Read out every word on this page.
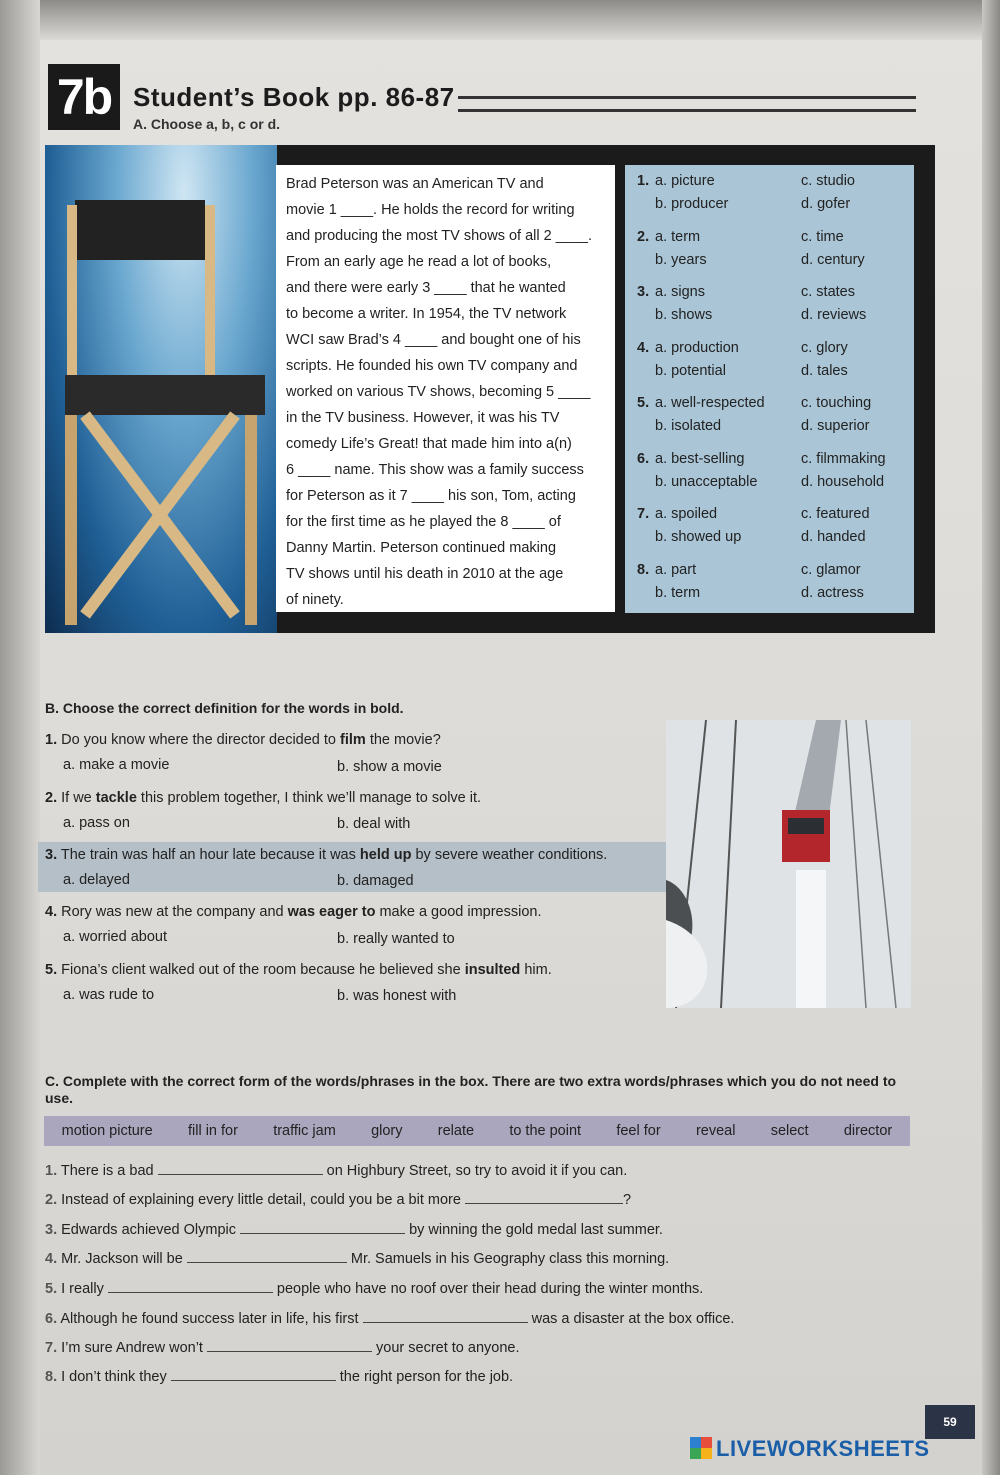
7b Student’s Book pp. 86-87
A. Choose a, b, c or d.

Brad Peterson was an American TV and

movie 1 ____. He holds the record for writing

and producing the most TV shows of all 2 ____.

From an early age he read a lot of books,

and there were early 3 ____ that he wanted

to become a writer. In 1954, the TV network

WCI saw Brad’s 4 ____ and bought one of his

scripts. He founded his own TV company and

worked on various TV shows, becoming 5 ____

in the TV business. However, it was his TV

comedy Life’s Great! that made him into a(n)

6 ____ name. This show was a family success

for Peterson as it 7 ____ his son, Tom, acting

for the first time as he played the 8 ____ of

Danny Martin. Peterson continued making

TV shows until his death in 2010 at the age

of ninety.

1. a. picture	c. studio
b. producer	d. gofer
2. a. term	c. time
b. years	d. century
3. a. signs	c. states
b. shows	d. reviews
4. a. production	c. glory
b. potential	d. tales
5. a. well-respected	c. touching
b. isolated	d. superior
6. a. best-selling	c. filmmaking
b. unacceptable	d. household
7. a. spoiled	c. featured
b. showed up	d. handed
8. a. part	c. glamor
b. term	d. actress
B. Choose the correct definition for the words in bold.
1. Do you know where the director decided to film the movie?
a. make a movie	b. show a movie
2. If we tackle this problem together, I think we’ll manage to solve it.
a. pass on	b. deal with
3. The train was half an hour late because it was held up by severe weather conditions.
a. delayed	b. damaged
4. Rory was new at the company and was eager to make a good impression.
a. worried about	b. really wanted to
5. Fiona’s client walked out of the room because he believed she insulted him.
a. was rude to	b. was honest with
C. Complete with the correct form of the words/phrases in the box. There are two extra words/phrases which you do not need to use.
motion picture fill in for traffic jam glory relate to the point feel for reveal select director
1. There is a bad	on Highbury Street, so try to avoid it if you can.
2. Instead of explaining every little detail, could you be a bit more	?
3. Edwards achieved Olympic	by winning the gold medal last summer.
4. Mr. Jackson will be	Mr. Samuels in his Geography class this morning.
5. I really	people who have no roof over their head during the winter months.
6. Although he found success later in life, his first	was a disaster at the box office.
7. I’m sure Andrew won’t	your secret to anyone.
8. I don’t think they	the right person for the job.
59
LIVEWORKSHEETS
